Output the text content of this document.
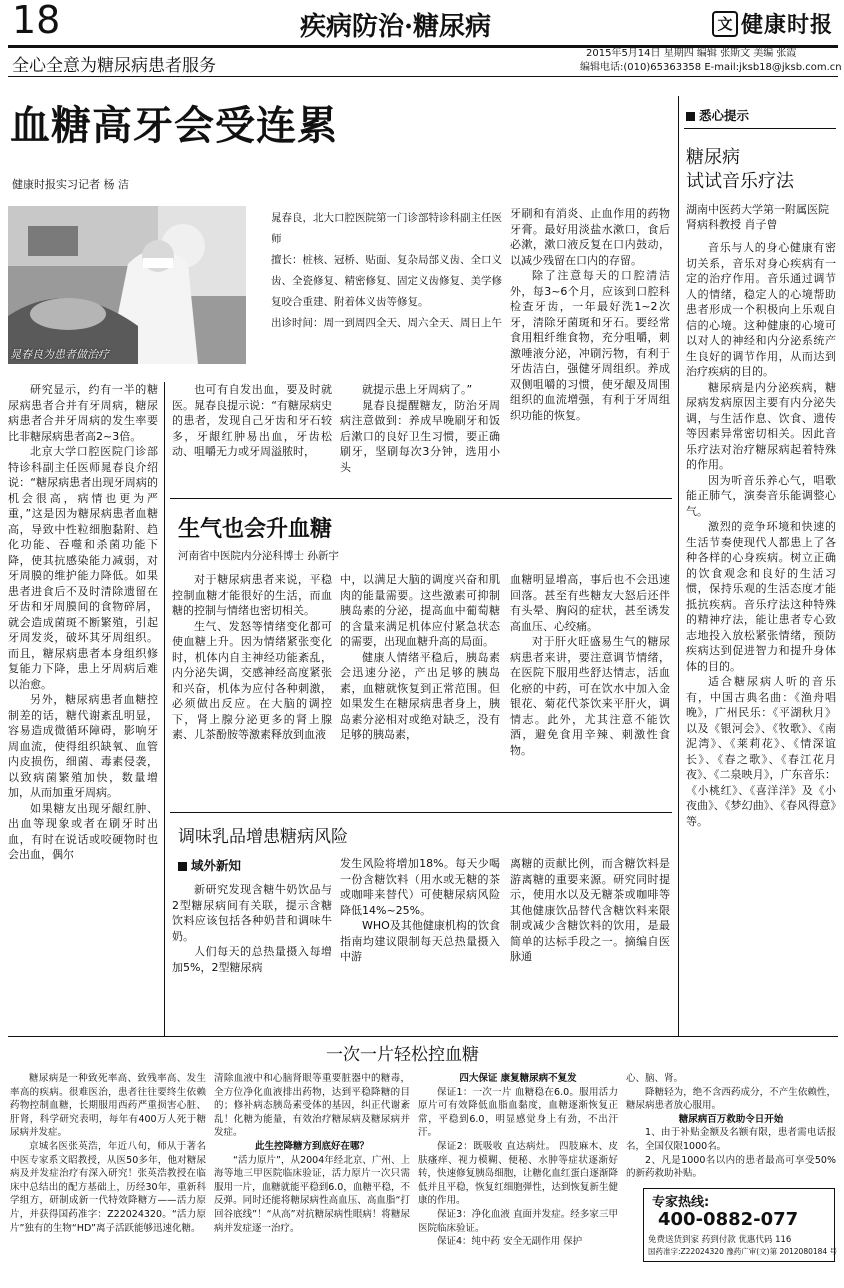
18	疾病防治·糖尿病	文 健康时报
全心全意为糖尿病患者服务
2015年5月14日 星期四 编辑 张斯文 美编 张霞
编辑电话:(010)65363358 E-mail:jksb18@jksb.com.cn
血糖高牙会受连累
健康时报实习记者 杨 洁
晁春良为患者做治疗

晁春良，北大口腔医院第一门诊部特诊科副主任医师

擅长：桩核、冠桥、贴面、复杂局部义齿、全口义齿、全瓷修复、精密修复、固定义齿修复、美学修复咬合重建、附着体义齿等修复。

出诊时间：周一到周四全天、周六全天、周日上午

研究显示，约有一半的糖尿病患者合并有牙周病，糖尿病患者合并牙周病的发生率要比非糖尿病患者高2~3倍。

北京大学口腔医院门诊部特诊科副主任医师晁春良介绍说：“糖尿病患者出现牙周病的机会很高，病情也更为严重，”这是因为糖尿病患者血糖高，导致中性粒细胞黏附、趋化功能、吞噬和杀菌功能下降，使其抗感染能力减弱，对牙周膜的维护能力降低。如果患者进食后不及时清除遗留在牙齿和牙周膜间的食物碎屑，就会造成菌斑不断繁殖，引起牙周发炎，破坏其牙周组织。而且，糖尿病患者本身组织修复能力下降，患上牙周病后难以治愈。

另外，糖尿病患者血糖控制差的话，糖代谢紊乱明显，容易造成微循环障碍，影响牙周血流，使得组织缺氧、血管内皮损伤，细菌、毒素侵袭，以致病菌繁殖加快，数量增加，从而加重牙周病。

如果糖友出现牙龈红肿、出血等现象或者在刷牙时出血，有时在说话或咬硬物时也会出血，偶尔

也可有自发出血，要及时就医。晁春良提示说：“有糖尿病史的患者，发现自己牙齿和牙石较多，牙龈红肿易出血，牙齿松动、咀嚼无力或牙周溢脓时，

就提示患上牙周病了。”

晁春良提醒糖友，防治牙周病注意做到：养成早晚刷牙和饭后漱口的良好卫生习惯，要正确刷牙，坚刷每次3分钟，选用小头

牙刷和有消炎、止血作用的药物牙膏。最好用淡盐水漱口，食后必漱，漱口液反复在口内鼓动，以减少残留在口内的存留。

除了注意每天的口腔清洁外，每3~6个月，应该到口腔科检查牙齿，一年最好洗1~2次牙，清除牙菌斑和牙石。要经常食用粗纤维食物，充分咀嚼，刺激唾液分泌，冲刷污物，有利于牙齿洁白，强健牙周组织。养成双侧咀嚼的习惯，使牙龈及周围组织的血流增强，有利于牙周组织功能的恢复。

生气也会升血糖
河南省中医院内分泌科博士 孙新宇

对于糖尿病患者来说，平稳控制血糖才能很好的生活，而血糖的控制与情绪也密切相关。

生气、发怒等情绪变化都可使血糖上升。因为情绪紧张变化时，机体内自主神经功能紊乱，内分泌失调，交感神经高度紧张和兴奋，机体为应付各种刺激，必须做出反应。在大脑的调控下，肾上腺分泌更多的肾上腺素、儿茶酚胺等激素释放到血液

中，以满足大脑的调度兴奋和肌肉的能量需要。这些激素可抑制胰岛素的分泌，提高血中葡萄糖的含量来满足机体应付紧急状态的需要，出现血糖升高的局面。

健康人情绪平稳后，胰岛素会迅速分泌，产出足够的胰岛素，血糖就恢复到正常范围。但如果发生在糖尿病患者身上，胰岛素分泌相对或绝对缺乏，没有足够的胰岛素，

血糖明显增高，事后也不会迅速回落。甚至有些糖友大怒后还伴有头晕、胸闷的症状，甚至诱发高血压、心绞痛。

对于肝火旺盛易生气的糖尿病患者来讲，要注意调节情绪，在医院下服用些舒达情志，活血化瘀的中药，可在饮水中加入金银花、菊花代茶饮来平肝火，调情志。此外，尤其注意不能饮酒，避免食用辛辣、刺激性食物。

调味乳品增患糖病风险
域外新知

新研究发现含糖牛奶饮品与2型糖尿病间有关联，提示含糖饮料应该包括各种奶昔和调味牛奶。

人们每天的总热量摄入每增加5%，2型糖尿病

发生风险将增加18%。每天少喝一份含糖饮料（用水或无糖的茶或咖啡来替代）可使糖尿病风险降低14%~25%。

WHO及其他健康机构的饮食指南均建议限制每天总热量摄入中游

离糖的贡献比例，而含糖饮料是游离糖的重要来源。研究同时提示，使用水以及无糖茶或咖啡等其他健康饮品替代含糖饮料来限制或减少含糖饮料的饮用，是最简单的达标手段之一。摘编自医脉通

悉心提示
糖尿病
试试音乐疗法
湖南中医药大学第一附属医院肾病科教授 肖子曾

音乐与人的身心健康有密切关系，音乐对身心疾病有一定的治疗作用。音乐通过调节人的情绪，稳定人的心境帮助患者形成一个积极向上乐观自信的心境。这种健康的心境可以对人的神经和内分泌系统产生良好的调节作用，从而达到治疗疾病的目的。

糖尿病是内分泌疾病，糖尿病发病原因主要有内分泌失调，与生活作息、饮食、遗传等因素异常密切相关。因此音乐疗法对治疗糖尿病起着特殊的作用。

因为听音乐养心气，唱歌能正肺气，演奏音乐能调整心气。

激烈的竞争环境和快速的生活节奏使现代人都患上了各种各样的心身疾病。树立正确的饮食观念和良好的生活习惯，保持乐观的生活态度才能抵抗疾病。音乐疗法这种特殊的精神疗法，能让患者专心致志地投入放松紧张情绪，预防疾病达到促进智力和提升身体体的目的。

适合糖尿病人听的音乐有，中国古典名曲：《渔舟唱晚》，广州民乐：《平湖秋月》以及《银河会》、《牧歌》、《南泥湾》、《莱莉花》、《情深谊长》、《春之歌》、《春江花月夜》、《二泉映月》，广东音乐：《小桃红》、《喜洋洋》及《小夜曲》、《梦幻曲》、《春风得意》等。

一次一片轻松控血糖

糖尿病是一种致死率高、致残率高、发生率高的疾病。很难医治，患者往往要终生依赖药物控制血糖，长期服用西药严重损害心脏、肝肾，科学研究表明，每年有400万人死于糖尿病并发症。

京城名医张英浩，年近八旬，师从于著名中医专家系文昭教授，从医50多年，他对糖尿病及并发症治疗有深入研究！张英浩教授在临床中总结出的配方基础上，历经30年，重新科学组方，研制成新一代特效降糖方——活力原片，并获得国药准字：Z22024320。“活力原片”独有的生物“HD”离子活跃能够迅速化糖。

清除血液中和心脑肾眼等重要脏器中的糖毒，全方位净化血液排出药物，达到平稳降糖的目的；修补病态胰岛素受体的基因，纠正代谢紊乱！化糖为能量，有效治疗糖尿病及糖尿病并发症。

此生控降糖方到底好在哪？

“活力原片”，从2004年经北京、广州、上海等地三甲医院临床验证，活力原片一次只需服用一片，血糖就能平稳到6.0，血糖平稳，不反弹。同时还能将糖尿病性高血压、高血脂“打回谷底线”！“从高”对抗糖尿病性眼病！将糖尿病并发症逐一治疗。

四大保证 康复糖尿病不复发

保证1：一次一片 血糖稳在6.0。服用活力原片可有效降低血脂血黏度，血糖逐渐恢复正常，平稳到6.0，明显感觉身上有劲，不出汗汗。

保证2：既吸收 直达病灶。 四肢麻木、皮肤瘙痒、视力模糊、便秘、水肿等症状逐渐好转，快速修复胰岛细胞，让糖化血红蛋白逐渐降低并且平稳，恢复红细胞弹性，达到恢复新生健康的作用。

保证3：净化血液 直面并发症。经多家三甲医院临床验证。

保证4：纯中药 安全无副作用 保护

心、脑、肾。

降糖轻为，绝不含西药成分，不产生依赖性，糖尿病患者放心服用。

糖尿病百万救助令日开始

1、由于补贴金额及名额有限，患者需电话报名，全国仅限1000名。

2、凡是1000名以内的患者最高可享受50%的新药救助补贴。

专家热线:
400-0882-077
免费送货到家 药到付款 优惠代码 116
国药准字:Z22024320 豫药广审(文)第 2012080184 号
